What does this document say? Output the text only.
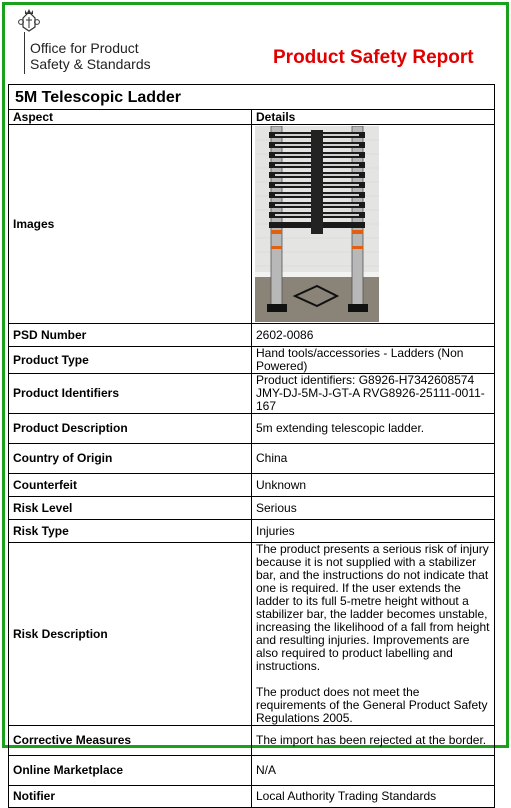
Office for Product
Safety & Standards	Product Safety Report
5M Telescopic Ladder	
Aspect	Details
Images	

PSD Number	2602-0086
Product Type	Hand tools/accessories - Ladders (Non Powered)
Product Identifiers	Product identifiers: G8926-H7342608574 JMY-DJ-5M-J-GT-A RVG8926-25111-0011-167
Product Description	5m extending telescopic ladder.
Country of Origin	China
Counterfeit	Unknown
Risk Level	Serious
Risk Type	Injuries
Risk Description	The product presents a serious risk of injury because it is not supplied with a stabilizer bar, and the instructions do not indicate that one is required. If the user extends the ladder to its full 5-metre height without a stabilizer bar, the ladder becomes unstable, increasing the likelihood of a fall from height and resulting injuries. Improvements are also required to product labelling and instructions.
The product does not meet the requirements of the General Product Safety Regulations 2005.

Corrective Measures	The import has been rejected at the border.
Online Marketplace	N/A
Notifier	Local Authority Trading Standards
